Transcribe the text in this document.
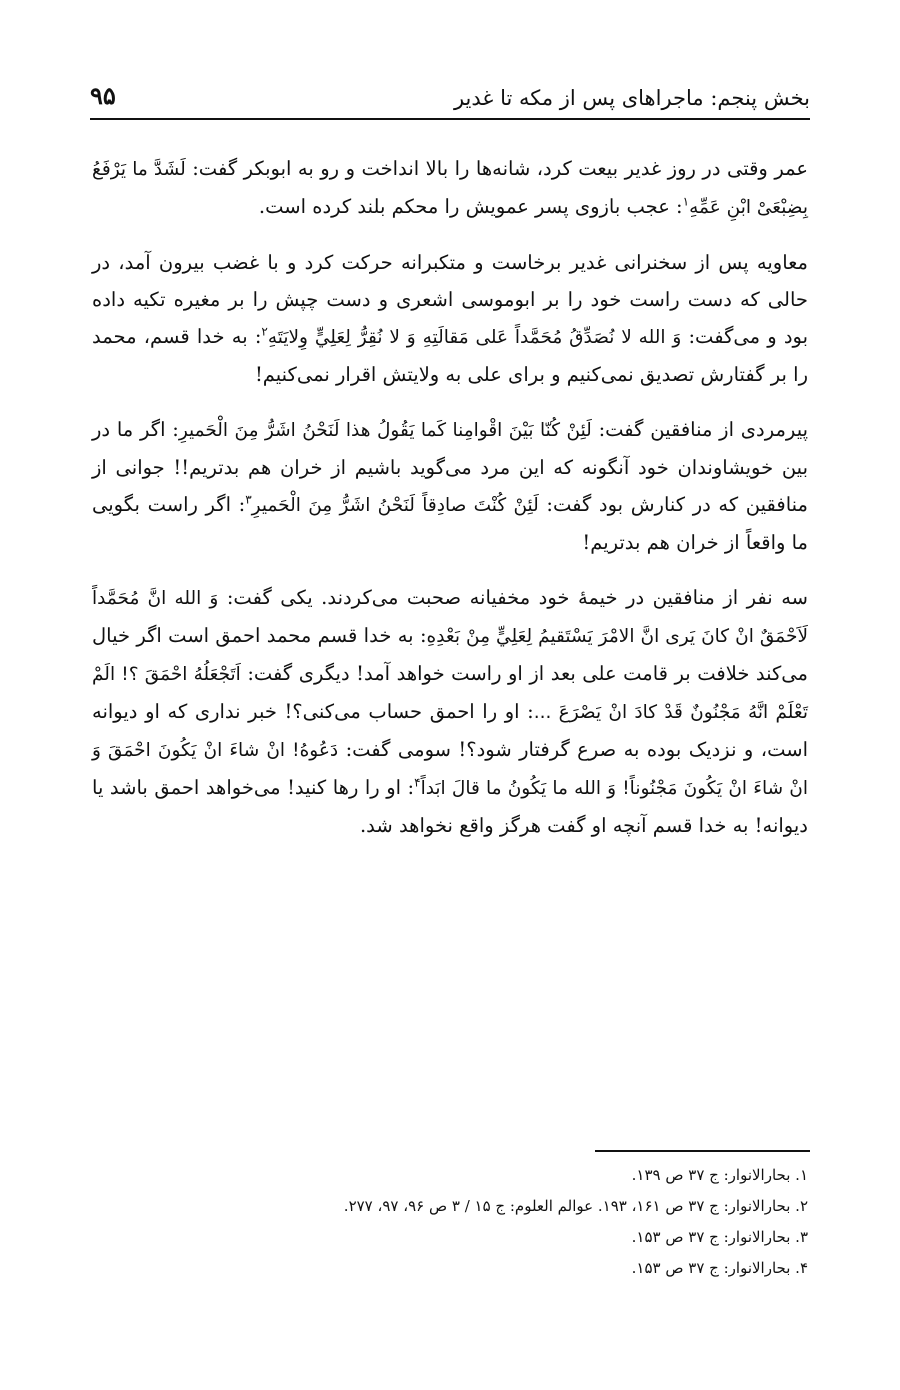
بخش پنجم: ماجراهای پس از مکه تا غدیر
۹۵

عمر وقتی در روز غدیر بیعت کرد، شانه‌ها را بالا انداخت و رو به ابوبکر گفت: لَشَدَّ ما يَرْفَعُ بِضِبْعَىْ ابْنِ عَمِّهِ$^۱$: عجب بازوی پسر عمویش را محکم بلند کرده است.

معاویه پس از سخنرانی غدیر برخاست و متکبرانه حرکت کرد و با غضب بیرون آمد، در حالی که دست راست خود را بر ابوموسی اشعری و دست چپش را بر مغیره تکیه داده بود و می‌گفت: وَ الله لا نُصَدِّقُ مُحَمَّداً عَلى مَقالَتِهِ وَ لا نُقِرُّ لِعَلِيٍّ وِلايَتَهِ$^۲$: به خدا قسم، محمد را بر گفتارش تصدیق نمی‌کنیم و برای علی به ولایتش اقرار نمی‌کنیم!

پیرمردی از منافقین گفت: لَئِنْ كُنّا بَيْنَ اقْوامِنا كَما يَقُولُ هذا لَنَحْنُ اشَرُّ مِنَ الْحَميرِ: اگر ما در بین خویشاوندان خود آنگونه که این مرد می‌گوید باشیم از خران هم بدتریم!! جوانی از منافقین که در کنارش بود گفت: لَئِنْ كُنْتَ صادِقاً لَنَحْنُ اشَرُّ مِنَ الْحَميرِ$^۳$: اگر راست بگویی ما واقعاً از خران هم بدتریم!

سه نفر از منافقین در خیمهٔ خود مخفیانه صحبت می‌کردند. یکی گفت: وَ الله انَّ مُحَمَّداً لَاَحْمَقٌ انْ كانَ يَرى انَّ الامْرَ يَسْتَقيمُ لِعَلِيٍّ مِنْ بَعْدِهِ: به خدا قسم محمد احمق است اگر خیال می‌کند خلافت بر قامت علی بعد از او راست خواهد آمد! دیگری گفت: اَتَجْعَلُهُ احْمَقَ ؟! الَمْ تَعْلَمْ انَّهُ مَجْنُونٌ قَدْ كادَ انْ يَصْرَعَ ...: او را احمق حساب می‌کنی؟! خبر نداری که او دیوانه است، و نزدیک بوده به صرع گرفتار شود؟! سومی گفت: دَعُوهُ! انْ شاءَ انْ يَكُونَ احْمَقَ وَ انْ شاءَ انْ يَكُونَ مَجْنُوناً! وَ الله ما يَكُونُ ما قالَ ابَداً$^۴$: او را رها کنید! می‌خواهد احمق باشد یا دیوانه! به خدا قسم آنچه او گفت هرگز واقع نخواهد شد.

۱. بحارالانوار: ج ۳۷ ص ۱۳۹.

۲. بحارالانوار: ج ۳۷ ص ۱۶۱، ۱۹۳. عوالم العلوم: ج ۱۵ / ۳ ص ۹۶، ۹۷، ۲۷۷.

۳. بحارالانوار: ج ۳۷ ص ۱۵۳.

۴. بحارالانوار: ج ۳۷ ص ۱۵۳.
